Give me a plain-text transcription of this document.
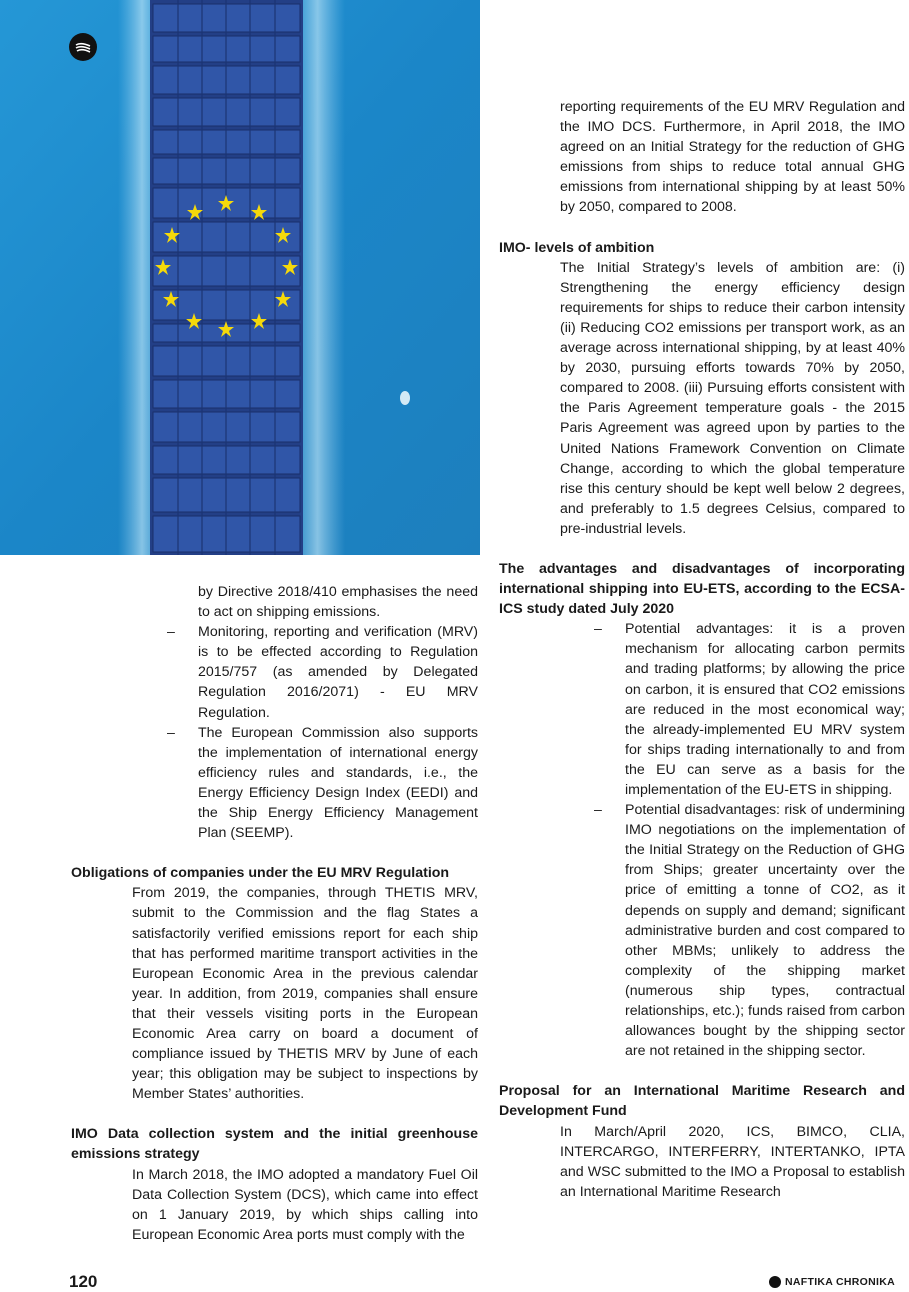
by Directive 2018/410 emphasises the need to act on shipping emissions.

– Monitoring, reporting and verification (MRV) is to be effected according to Regulation 2015/757 (as amended by Delegated Regulation 2016/2071) - EU MRV Regulation.

– The European Commission also supports the implementation of international energy efficiency rules and standards, i.e., the Energy Efficiency Design Index (EEDI) and the Ship Energy Efficiency Management Plan (SEEMP).

Obligations of companies under the EU MRV Regulation

From 2019, the companies, through THETIS MRV, submit to the Commission and the flag States a satisfactorily verified emissions report for each ship that has performed maritime transport activities in the European Economic Area in the previous calendar year. In addition, from 2019, companies shall ensure that their vessels visiting ports in the European Economic Area carry on board a document of compliance issued by THETIS MRV by June of each year; this obligation may be subject to inspections by Member States’ authorities.

IMO Data collection system and the initial greenhouse emissions strategy

In March 2018, the IMO adopted a mandatory Fuel Oil Data Collection System (DCS), which came into effect on 1 January 2019, by which ships calling into European Economic Area ports must comply with the

reporting requirements of the EU MRV Regulation and the IMO DCS. Furthermore, in April 2018, the IMO agreed on an Initial Strategy for the reduction of GHG emissions from ships to reduce total annual GHG emissions from international shipping by at least 50% by 2050, compared to 2008.

IMO- levels of ambition

The Initial Strategy’s levels of ambition are: (i) Strengthening the energy efficiency design requirements for ships to reduce their carbon intensity (ii) Reducing CO2 emissions per transport work, as an average across international shipping, by at least 40% by 2030, pursuing efforts towards 70% by 2050, compared to 2008. (iii) Pursuing efforts consistent with the Paris Agreement temperature goals - the 2015 Paris Agreement was agreed upon by parties to the United Nations Framework Convention on Climate Change, according to which the global temperature rise this century should be kept well below 2 degrees, and preferably to 1.5 degrees Celsius, compared to pre-industrial levels.

The advantages and disadvantages of incorporating international shipping into EU-ETS, according to the ECSA-ICS study dated July 2020

– Potential advantages: it is a proven mechanism for allocating carbon permits and trading platforms; by allowing the price on carbon, it is ensured that CO2 emissions are reduced in the most economical way; the already-implemented EU MRV system for ships trading internationally to and from the EU can serve as a basis for the implementation of the EU-ETS in shipping.

– Potential disadvantages: risk of undermining IMO negotiations on the implementation of the Initial Strategy on the Reduction of GHG from Ships; greater uncertainty over the price of emitting a tonne of CO2, as it depends on supply and demand; significant administrative burden and cost compared to other MBMs; unlikely to address the complexity of the shipping market (numerous ship types, contractual relationships, etc.); funds raised from carbon allowances bought by the shipping sector are not retained in the shipping sector.

Proposal for an International Maritime Research and Development Fund

In March/April 2020, ICS, BIMCO, CLIA, INTERCARGO, INTERFERRY, INTERTANKO, IPTA and WSC submitted to the IMO a Proposal to establish an International Maritime Research

120	NAFTIKA CHRONIKA
